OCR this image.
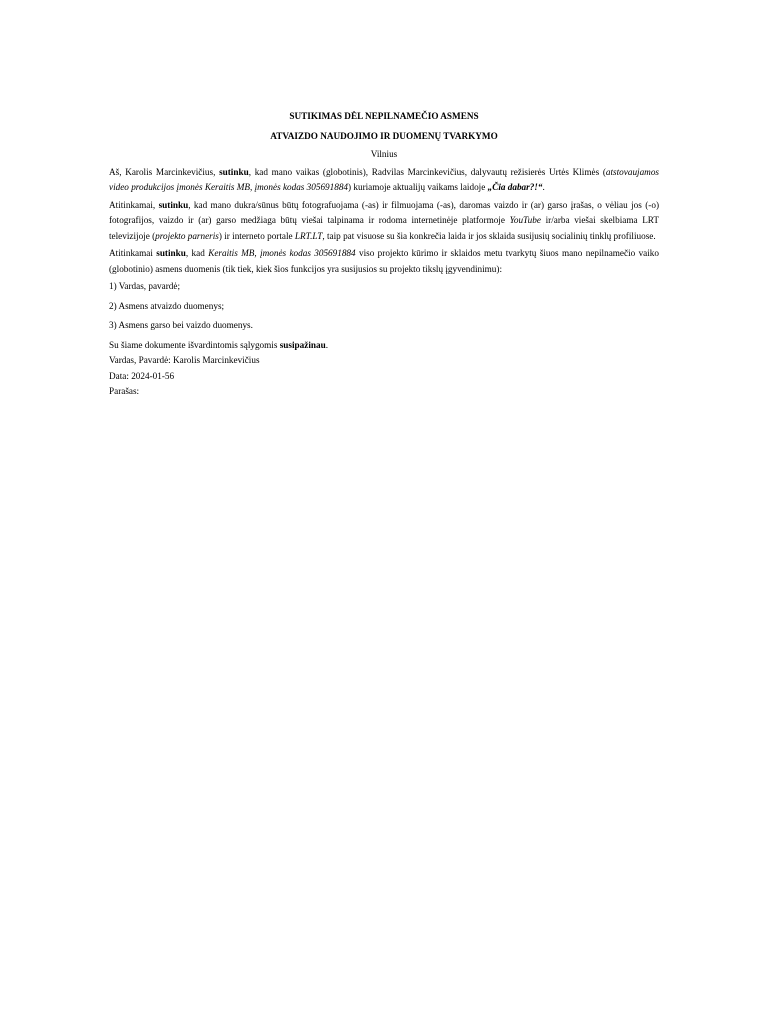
SUTIKIMAS DĖL NEPILNAMEČIO ASMENS

ATVAIZDO NAUDOJIMO IR DUOMENŲ TVARKYMO

Vilnius

Aš, Karolis Marcinkevičius, sutinku, kad mano vaikas (globotinis), Radvilas Marcinkevičius, dalyvautų režisierės Urtės Klimės (atstovaujamos video produkcijos įmonės Keraitis MB, įmonės kodas 305691884) kuriamoje aktualijų vaikams laidoje „Čia dabar?!“.

Atitinkamai, sutinku, kad mano dukra/sūnus būtų fotografuojama (-as) ir filmuojama (-as), daromas vaizdo ir (ar) garso įrašas, o vėliau jos (-o) fotografijos, vaizdo ir (ar) garso medžiaga būtų viešai talpinama ir rodoma internetinėje platformoje YouTube ir/arba viešai skelbiama LRT televizijoje (projekto parneris) ir interneto portale LRT.LT, taip pat visuose su šia konkrečia laida ir jos sklaida susijusių socialinių tinklų profiliuose.

Atitinkamai sutinku, kad Keraitis MB, įmonės kodas 305691884 viso projekto kūrimo ir sklaidos metu tvarkytų šiuos mano nepilnamečio vaiko (globotinio) asmens duomenis (tik tiek, kiek šios funkcijos yra susijusios su projekto tikslų įgyvendinimu):

1) Vardas, pavardė;

2) Asmens atvaizdo duomenys;

3) Asmens garso bei vaizdo duomenys.

Su šiame dokumente išvardintomis sąlygomis susipažinau.

Vardas, Pavardė: Karolis Marcinkevičius

Data: 2024-01-56

Parašas:
